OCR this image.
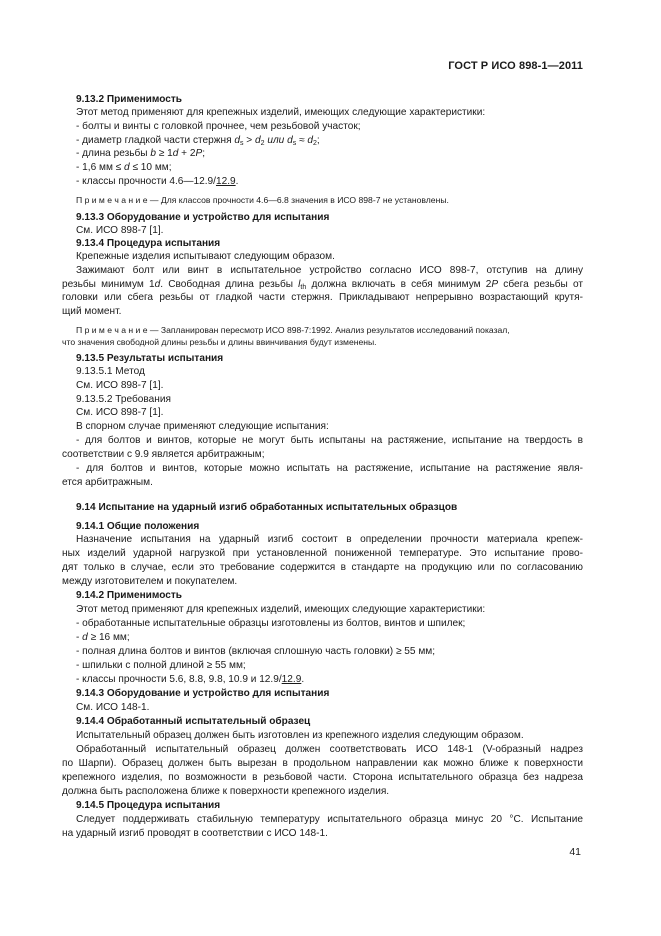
ГОСТ Р ИСО 898-1—2011
9.13.2 Применимость
Этот метод применяют для крепежных изделий, имеющих следующие характеристики:
- болты и винты с головкой прочнее, чем резьбовой участок;
- диаметр гладкой части стержня $d_s > d_2$ или $d_s \approx d_2$;
- длина резьбы b ≥ 1d + 2P;
- 1,6 мм ≤ d ≤ 10 мм;
- классы прочности 4.6—12.9/12.9.
П р и м е ч а н и е — Для классов прочности 4.6—6.8 значения в ИСО 898-7 не установлены.
9.13.3 Оборудование и устройство для испытания
См. ИСО 898-7 [1].
9.13.4 Процедура испытания
Крепежные изделия испытывают следующим образом.
Зажимают болт или винт в испытательное устройство согласно ИСО 898-7, отступив на длину
резьбы минимум 1d. Свободная длина резьбы $l_{th}$ должна включать в себя минимум 2P сбега резьбы от
головки или сбега резьбы от гладкой части стержня. Прикладывают непрерывно возрастающий крутя-
щий момент.
П р и м е ч а н и е — Запланирован пересмотр ИСО 898-7:1992. Анализ результатов исследований показал,
что значения свободной длины резьбы и длины ввинчивания будут изменены.
9.13.5 Результаты испытания
9.13.5.1 Метод
См. ИСО 898-7 [1].
9.13.5.2 Требования
См. ИСО 898-7 [1].
В спорном случае применяют следующие испытания:
- для болтов и винтов, которые не могут быть испытаны на растяжение, испытание на твердость в
соответствии с 9.9 является арбитражным;
- для болтов и винтов, которые можно испытать на растяжение, испытание на растяжение явля-
ется арбитражным.
9.14 Испытание на ударный изгиб обработанных испытательных образцов
9.14.1 Общие положения
Назначение испытания на ударный изгиб состоит в определении прочности материала крепеж-
ных изделий ударной нагрузкой при установленной пониженной температуре. Это испытание прово-
дят только в случае, если это требование содержится в стандарте на продукцию или по согласованию
между изготовителем и покупателем.
9.14.2 Применимость
Этот метод применяют для крепежных изделий, имеющих следующие характеристики:
- обработанные испытательные образцы изготовлены из болтов, винтов и шпилек;
- d ≥ 16 мм;
- полная длина болтов и винтов (включая сплошную часть головки) ≥ 55 мм;
- шпильки с полной длиной ≥ 55 мм;
- классы прочности 5.6, 8.8, 9.8, 10.9 и 12.9/12.9.
9.14.3 Оборудование и устройство для испытания
См. ИСО 148-1.
9.14.4 Обработанный испытательный образец
Испытательный образец должен быть изготовлен из крепежного изделия следующим образом.
Обработанный испытательный образец должен соответствовать ИСО 148-1 (V-образный надрез
по Шарпи). Образец должен быть вырезан в продольном направлении как можно ближе к поверхности
крепежного изделия, по возможности в резьбовой части. Сторона испытательного образца без надреза
должна быть расположена ближе к поверхности крепежного изделия.
9.14.5 Процедура испытания
Следует поддерживать стабильную температуру испытательного образца минус 20 °С. Испытание
на ударный изгиб проводят в соответствии с ИСО 148-1.
41
